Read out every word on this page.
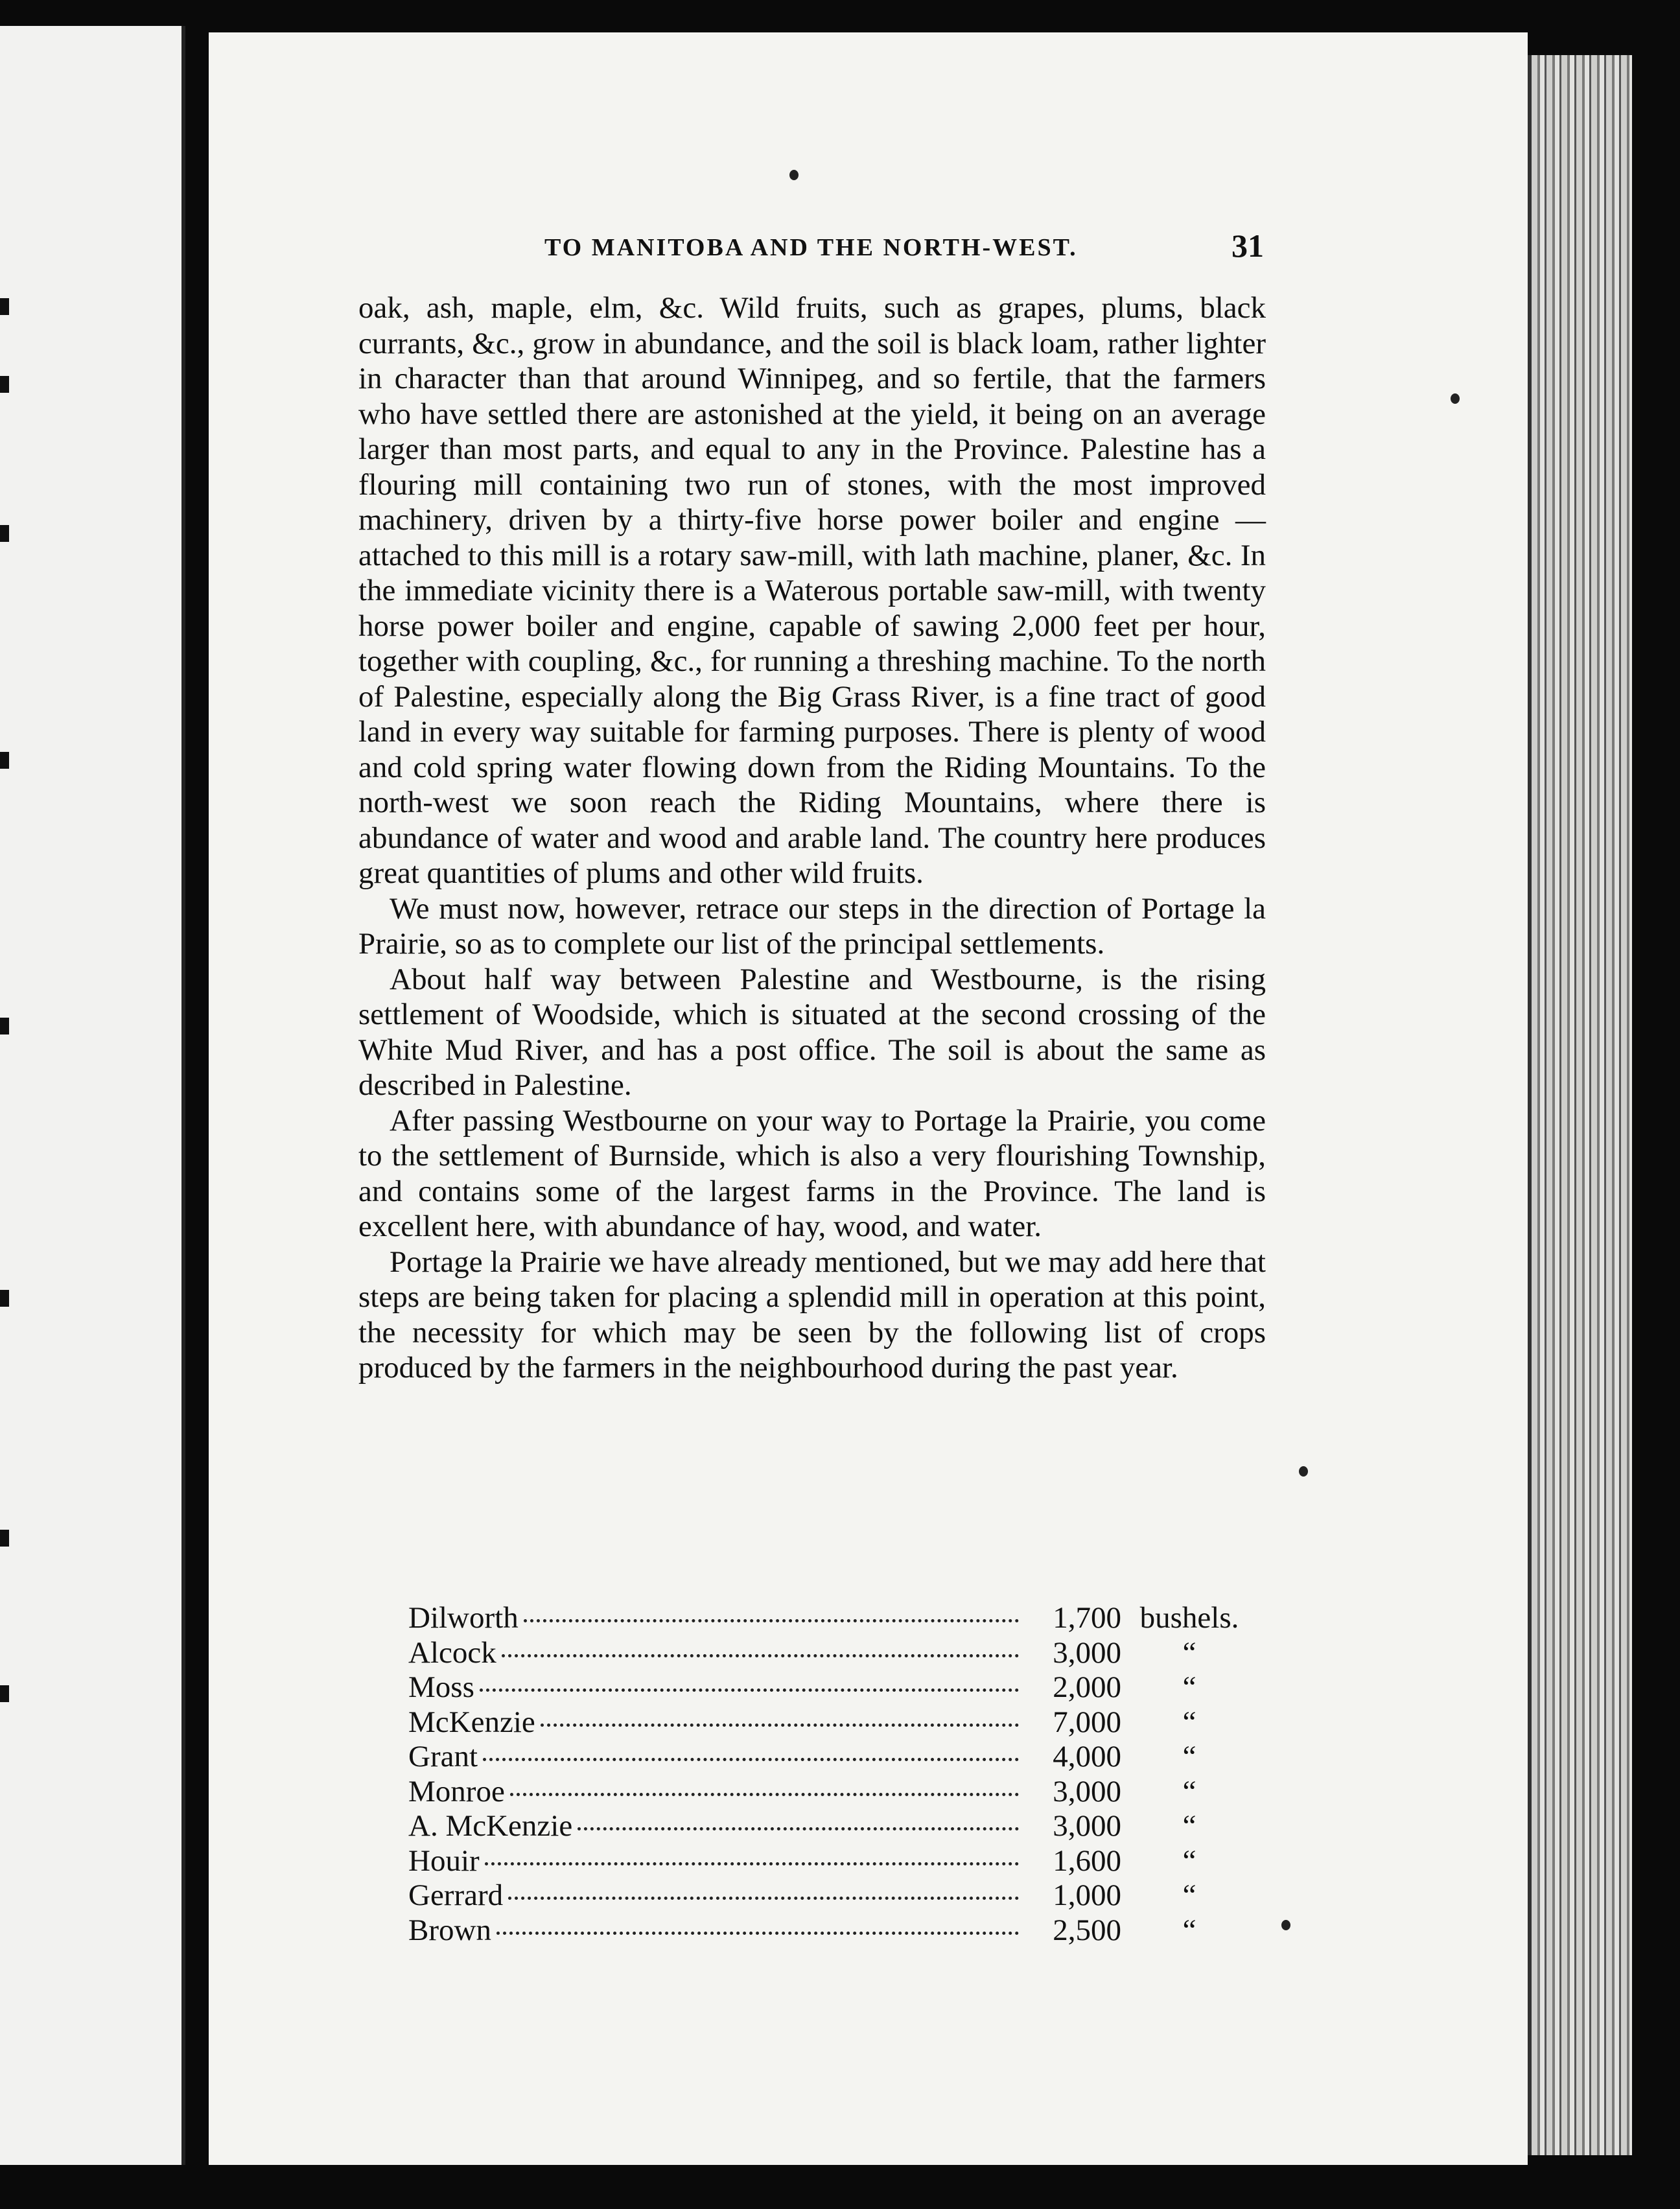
TO MANITOBA AND THE NORTH-WEST.	31

oak, ash, maple, elm, &c. Wild fruits, such as grapes, plums, black currants, &c., grow in abundance, and the soil is black loam, rather lighter in character than that around Winnipeg, and so fertile, that the farmers who have settled there are astonished at the yield, it being on an average larger than most parts, and equal to any in the Province. Palestine has a flouring mill containing two run of stones, with the most improved machinery, driven by a thirty-five horse power boiler and engine —attached to this mill is a rotary saw-mill, with lath machine, planer, &c. In the immediate vicinity there is a Waterous portable saw-mill, with twenty horse power boiler and engine, capable of sawing 2,000 feet per hour, together with coupling, &c., for running a threshing machine. To the north of Palestine, especially along the Big Grass River, is a fine tract of good land in every way suitable for farming purposes. There is plenty of wood and cold spring water flowing down from the Riding Mountains. To the north-west we soon reach the Riding Mountains, where there is abundance of water and wood and arable land. The country here produces great quantities of plums and other wild fruits.

We must now, however, retrace our steps in the direction of Portage la Prairie, so as to complete our list of the principal settlements.

About half way between Palestine and Westbourne, is the rising settlement of Woodside, which is situated at the second crossing of the White Mud River, and has a post office. The soil is about the same as described in Palestine.

After passing Westbourne on your way to Portage la Prairie, you come to the settlement of Burnside, which is also a very flourishing Township, and contains some of the largest farms in the Province. The land is excellent here, with abundance of hay, wood, and water.

Portage la Prairie we have already mentioned, but we may add here that steps are being taken for placing a splendid mill in operation at this point, the necessity for which may be seen by the following list of crops produced by the farmers in the neighbourhood during the past year.

Dilworth	1,700 bushels.
Alcock	3,000	“
Moss	2,000	“
McKenzie	7,000	“
Grant	4,000	“
Monroe	3,000	“
A. McKenzie	3,000	“
Houir	1,600	“
Gerrard	1,000	“
Brown	2,500	“
